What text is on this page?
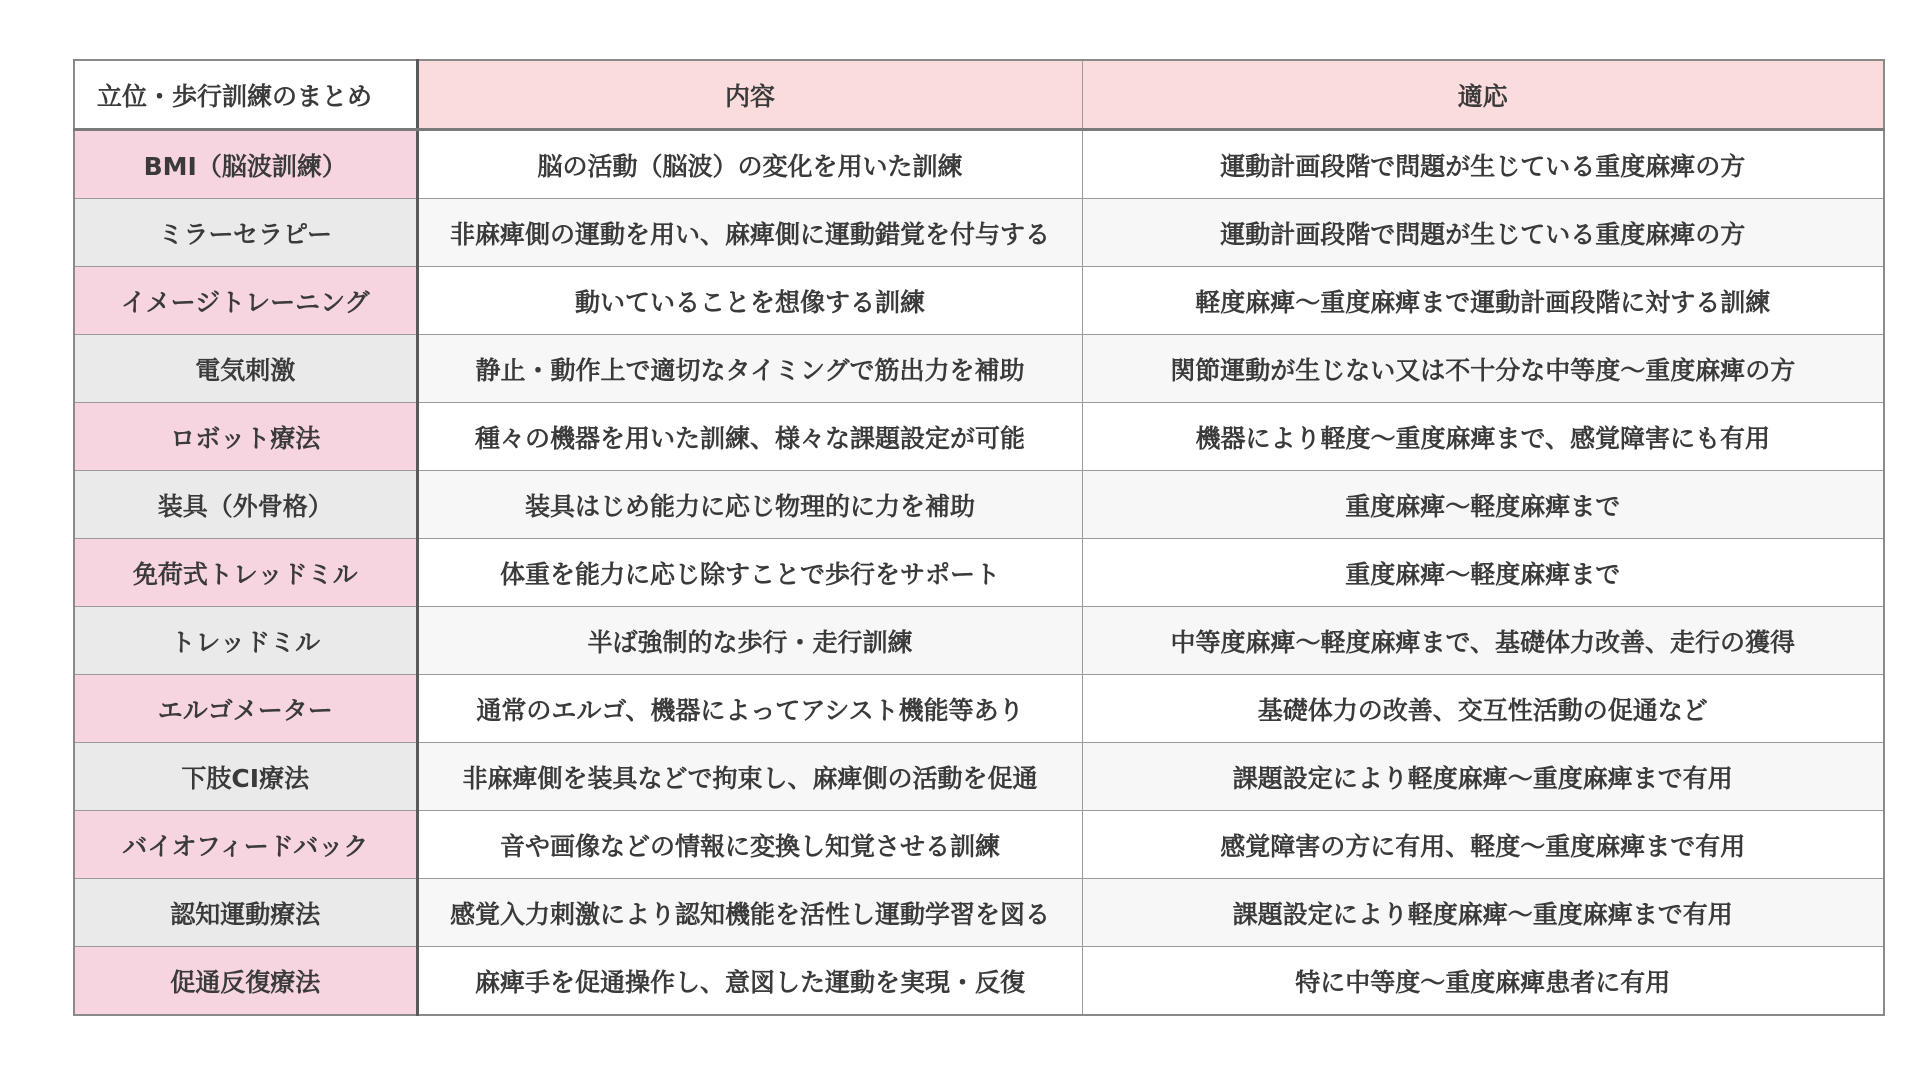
立位・歩行訓練のまとめ	内容	適応
BMI（脳波訓練）	脳の活動（脳波）の変化を用いた訓練	運動計画段階で問題が生じている重度麻痺の方
ミラーセラピー	非麻痺側の運動を用い、麻痺側に運動錯覚を付与する	運動計画段階で問題が生じている重度麻痺の方
イメージトレーニング	動いていることを想像する訓練	軽度麻痺〜重度麻痺まで運動計画段階に対する訓練
電気刺激	静止・動作上で適切なタイミングで筋出力を補助	関節運動が生じない又は不十分な中等度〜重度麻痺の方
ロボット療法	種々の機器を用いた訓練、様々な課題設定が可能	機器により軽度〜重度麻痺まで、感覚障害にも有用
装具（外骨格）	装具はじめ能力に応じ物理的に力を補助	重度麻痺〜軽度麻痺まで
免荷式トレッドミル	体重を能力に応じ除すことで歩行をサポート	重度麻痺〜軽度麻痺まで
トレッドミル	半ば強制的な歩行・走行訓練	中等度麻痺〜軽度麻痺まで、基礎体力改善、走行の獲得
エルゴメーター	通常のエルゴ、機器によってアシスト機能等あり	基礎体力の改善、交互性活動の促通など
下肢CI療法	非麻痺側を装具などで拘束し、麻痺側の活動を促通	課題設定により軽度麻痺〜重度麻痺まで有用
バイオフィードバック	音や画像などの情報に変換し知覚させる訓練	感覚障害の方に有用、軽度〜重度麻痺まで有用
認知運動療法	感覚入力刺激により認知機能を活性し運動学習を図る	課題設定により軽度麻痺〜重度麻痺まで有用
促通反復療法	麻痺手を促通操作し、意図した運動を実現・反復	特に中等度〜重度麻痺患者に有用
